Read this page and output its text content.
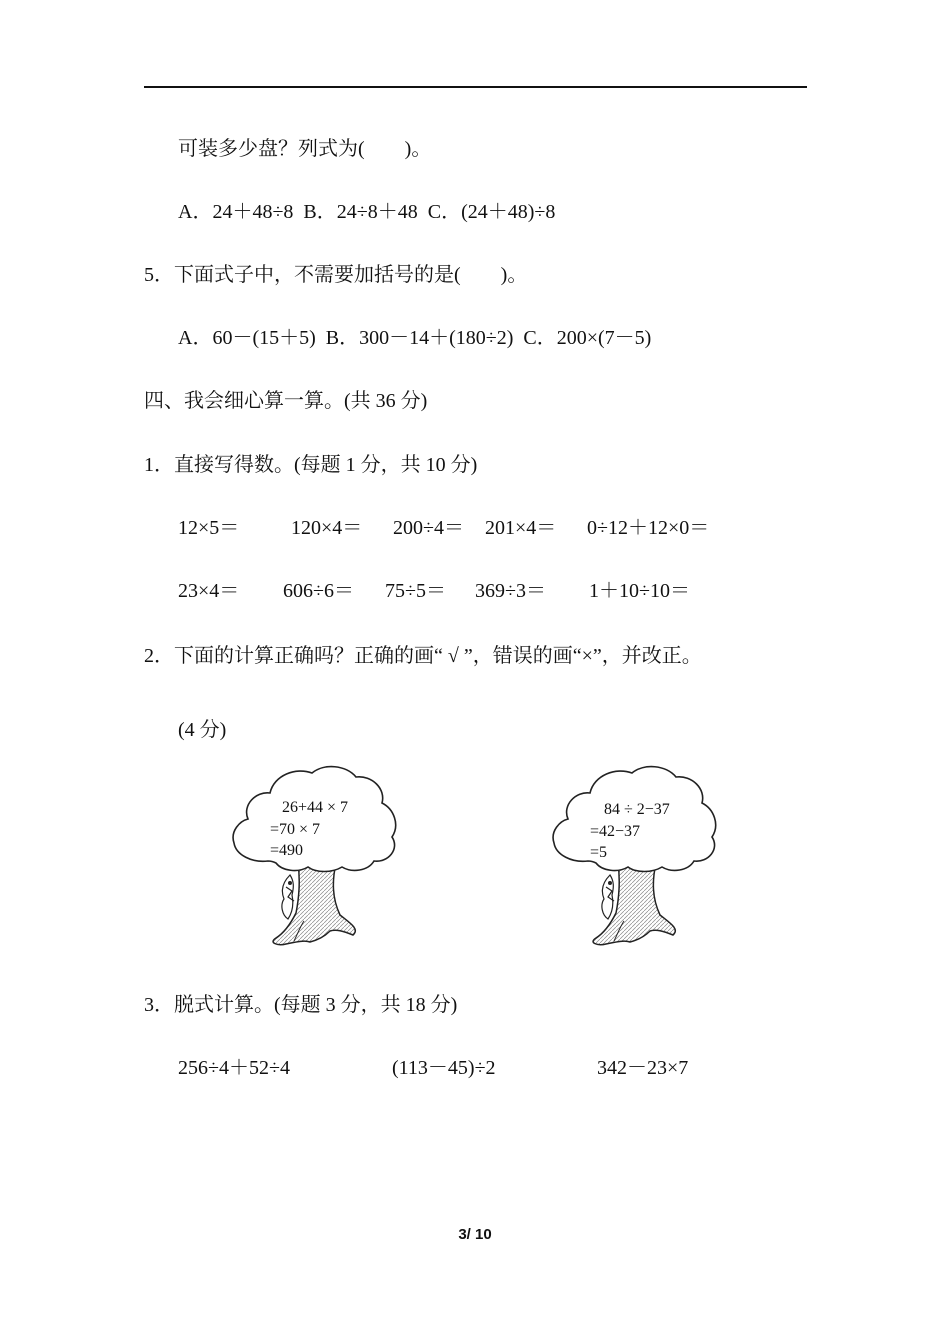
可装多少盘？列式为(　　)。
A．24＋48÷8  B．24÷8＋48  C．(24＋48)÷8
5．下面式子中，不需要加括号的是(　　)。
A．60－(15＋5)  B．300－14＋(180÷2)  C．200×(7－5)
四、我会细心算一算。(共 36 分)
1．直接写得数。(每题 1 分，共 10 分)
12×5＝	120×4＝ 200÷4＝ 201×4＝ 0÷12＋12×0＝
23×4＝ 606÷6＝ 75÷5＝ 369÷3＝ 1＋10÷10＝
2．下面的计算正确吗？正确的画“ √ ”，错误的画“×”，并改正。
(4 分)
26+44 × 7
=70 × 7
=490
84 ÷ 2−37
=42−37
=5
3．脱式计算。(每题 3 分，共 18 分)
256÷4＋52÷4	(113－45)÷2	342－23×7
3/ 10
